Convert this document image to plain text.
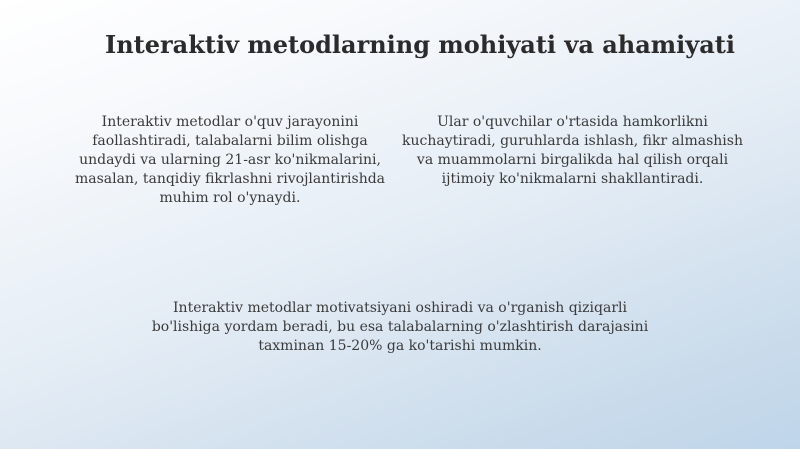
Interaktiv metodlarning mohiyati va ahamiyati
Interaktiv metodlar o'quv jarayonini
faollashtiradi, talabalarni bilim olishga
undaydi va ularning 21-asr ko'nikmalarini,
masalan, tanqidiy fikrlashni rivojlantirishda
muhim rol o'ynaydi.
Ular o'quvchilar o'rtasida hamkorlikni
kuchaytiradi, guruhlarda ishlash, fikr almashish
va muammolarni birgalikda hal qilish orqali
ijtimoiy ko'nikmalarni shakllantiradi.
Interaktiv metodlar motivatsiyani oshiradi va o'rganish qiziqarli
bo'lishiga yordam beradi, bu esa talabalarning o'zlashtirish darajasini
taxminan 15-20% ga ko'tarishi mumkin.
